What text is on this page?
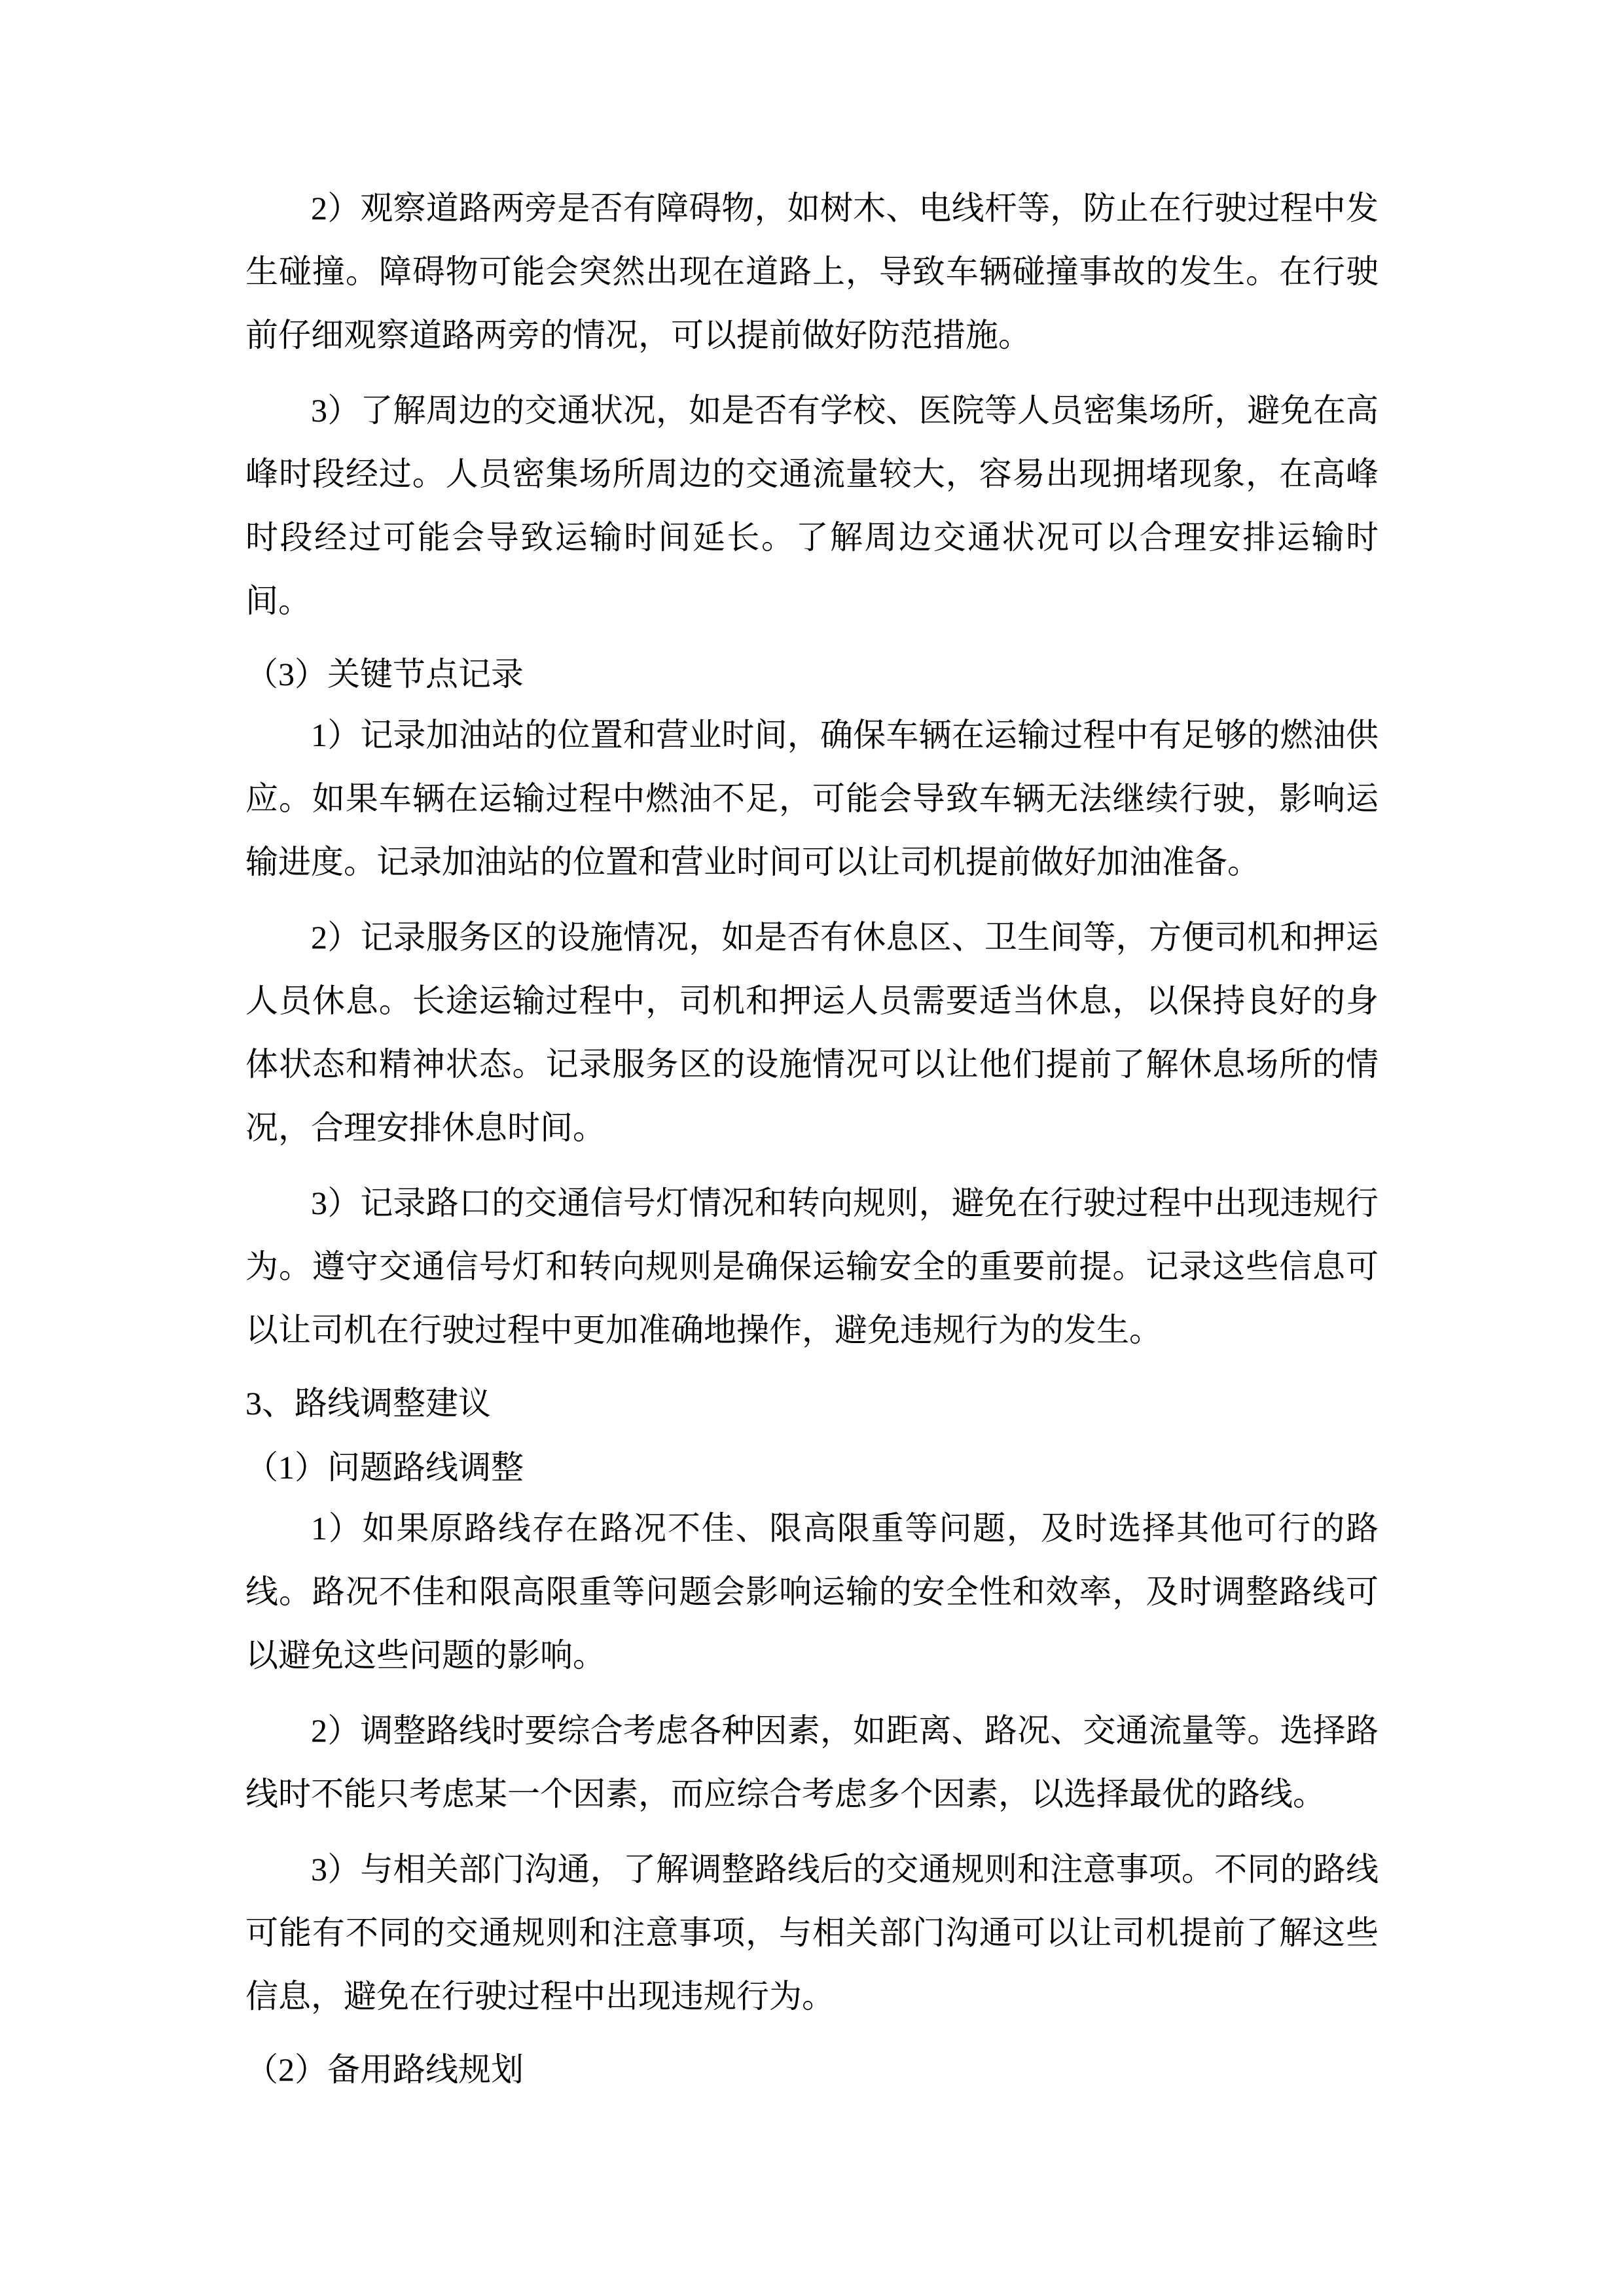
2）观察道路两旁是否有障碍物，如树木、电线杆等，防止在行驶过程中发生碰撞。障碍物可能会突然出现在道路上，导致车辆碰撞事故的发生。在行驶前仔细观察道路两旁的情况，可以提前做好防范措施。

3）了解周边的交通状况，如是否有学校、医院等人员密集场所，避免在高峰时段经过。人员密集场所周边的交通流量较大，容易出现拥堵现象，在高峰时段经过可能会导致运输时间延长。了解周边交通状况可以合理安排运输时间。

（3）关键节点记录

1）记录加油站的位置和营业时间，确保车辆在运输过程中有足够的燃油供应。如果车辆在运输过程中燃油不足，可能会导致车辆无法继续行驶，影响运输进度。记录加油站的位置和营业时间可以让司机提前做好加油准备。

2）记录服务区的设施情况，如是否有休息区、卫生间等，方便司机和押运人员休息。长途运输过程中，司机和押运人员需要适当休息，以保持良好的身体状态和精神状态。记录服务区的设施情况可以让他们提前了解休息场所的情况，合理安排休息时间。

3）记录路口的交通信号灯情况和转向规则，避免在行驶过程中出现违规行为。遵守交通信号灯和转向规则是确保运输安全的重要前提。记录这些信息可以让司机在行驶过程中更加准确地操作，避免违规行为的发生。

3、路线调整建议

（1）问题路线调整

1）如果原路线存在路况不佳、限高限重等问题，及时选择其他可行的路线。路况不佳和限高限重等问题会影响运输的安全性和效率，及时调整路线可以避免这些问题的影响。

2）调整路线时要综合考虑各种因素，如距离、路况、交通流量等。选择路线时不能只考虑某一个因素，而应综合考虑多个因素，以选择最优的路线。

3）与相关部门沟通，了解调整路线后的交通规则和注意事项。不同的路线可能有不同的交通规则和注意事项，与相关部门沟通可以让司机提前了解这些信息，避免在行驶过程中出现违规行为。

（2）备用路线规划
